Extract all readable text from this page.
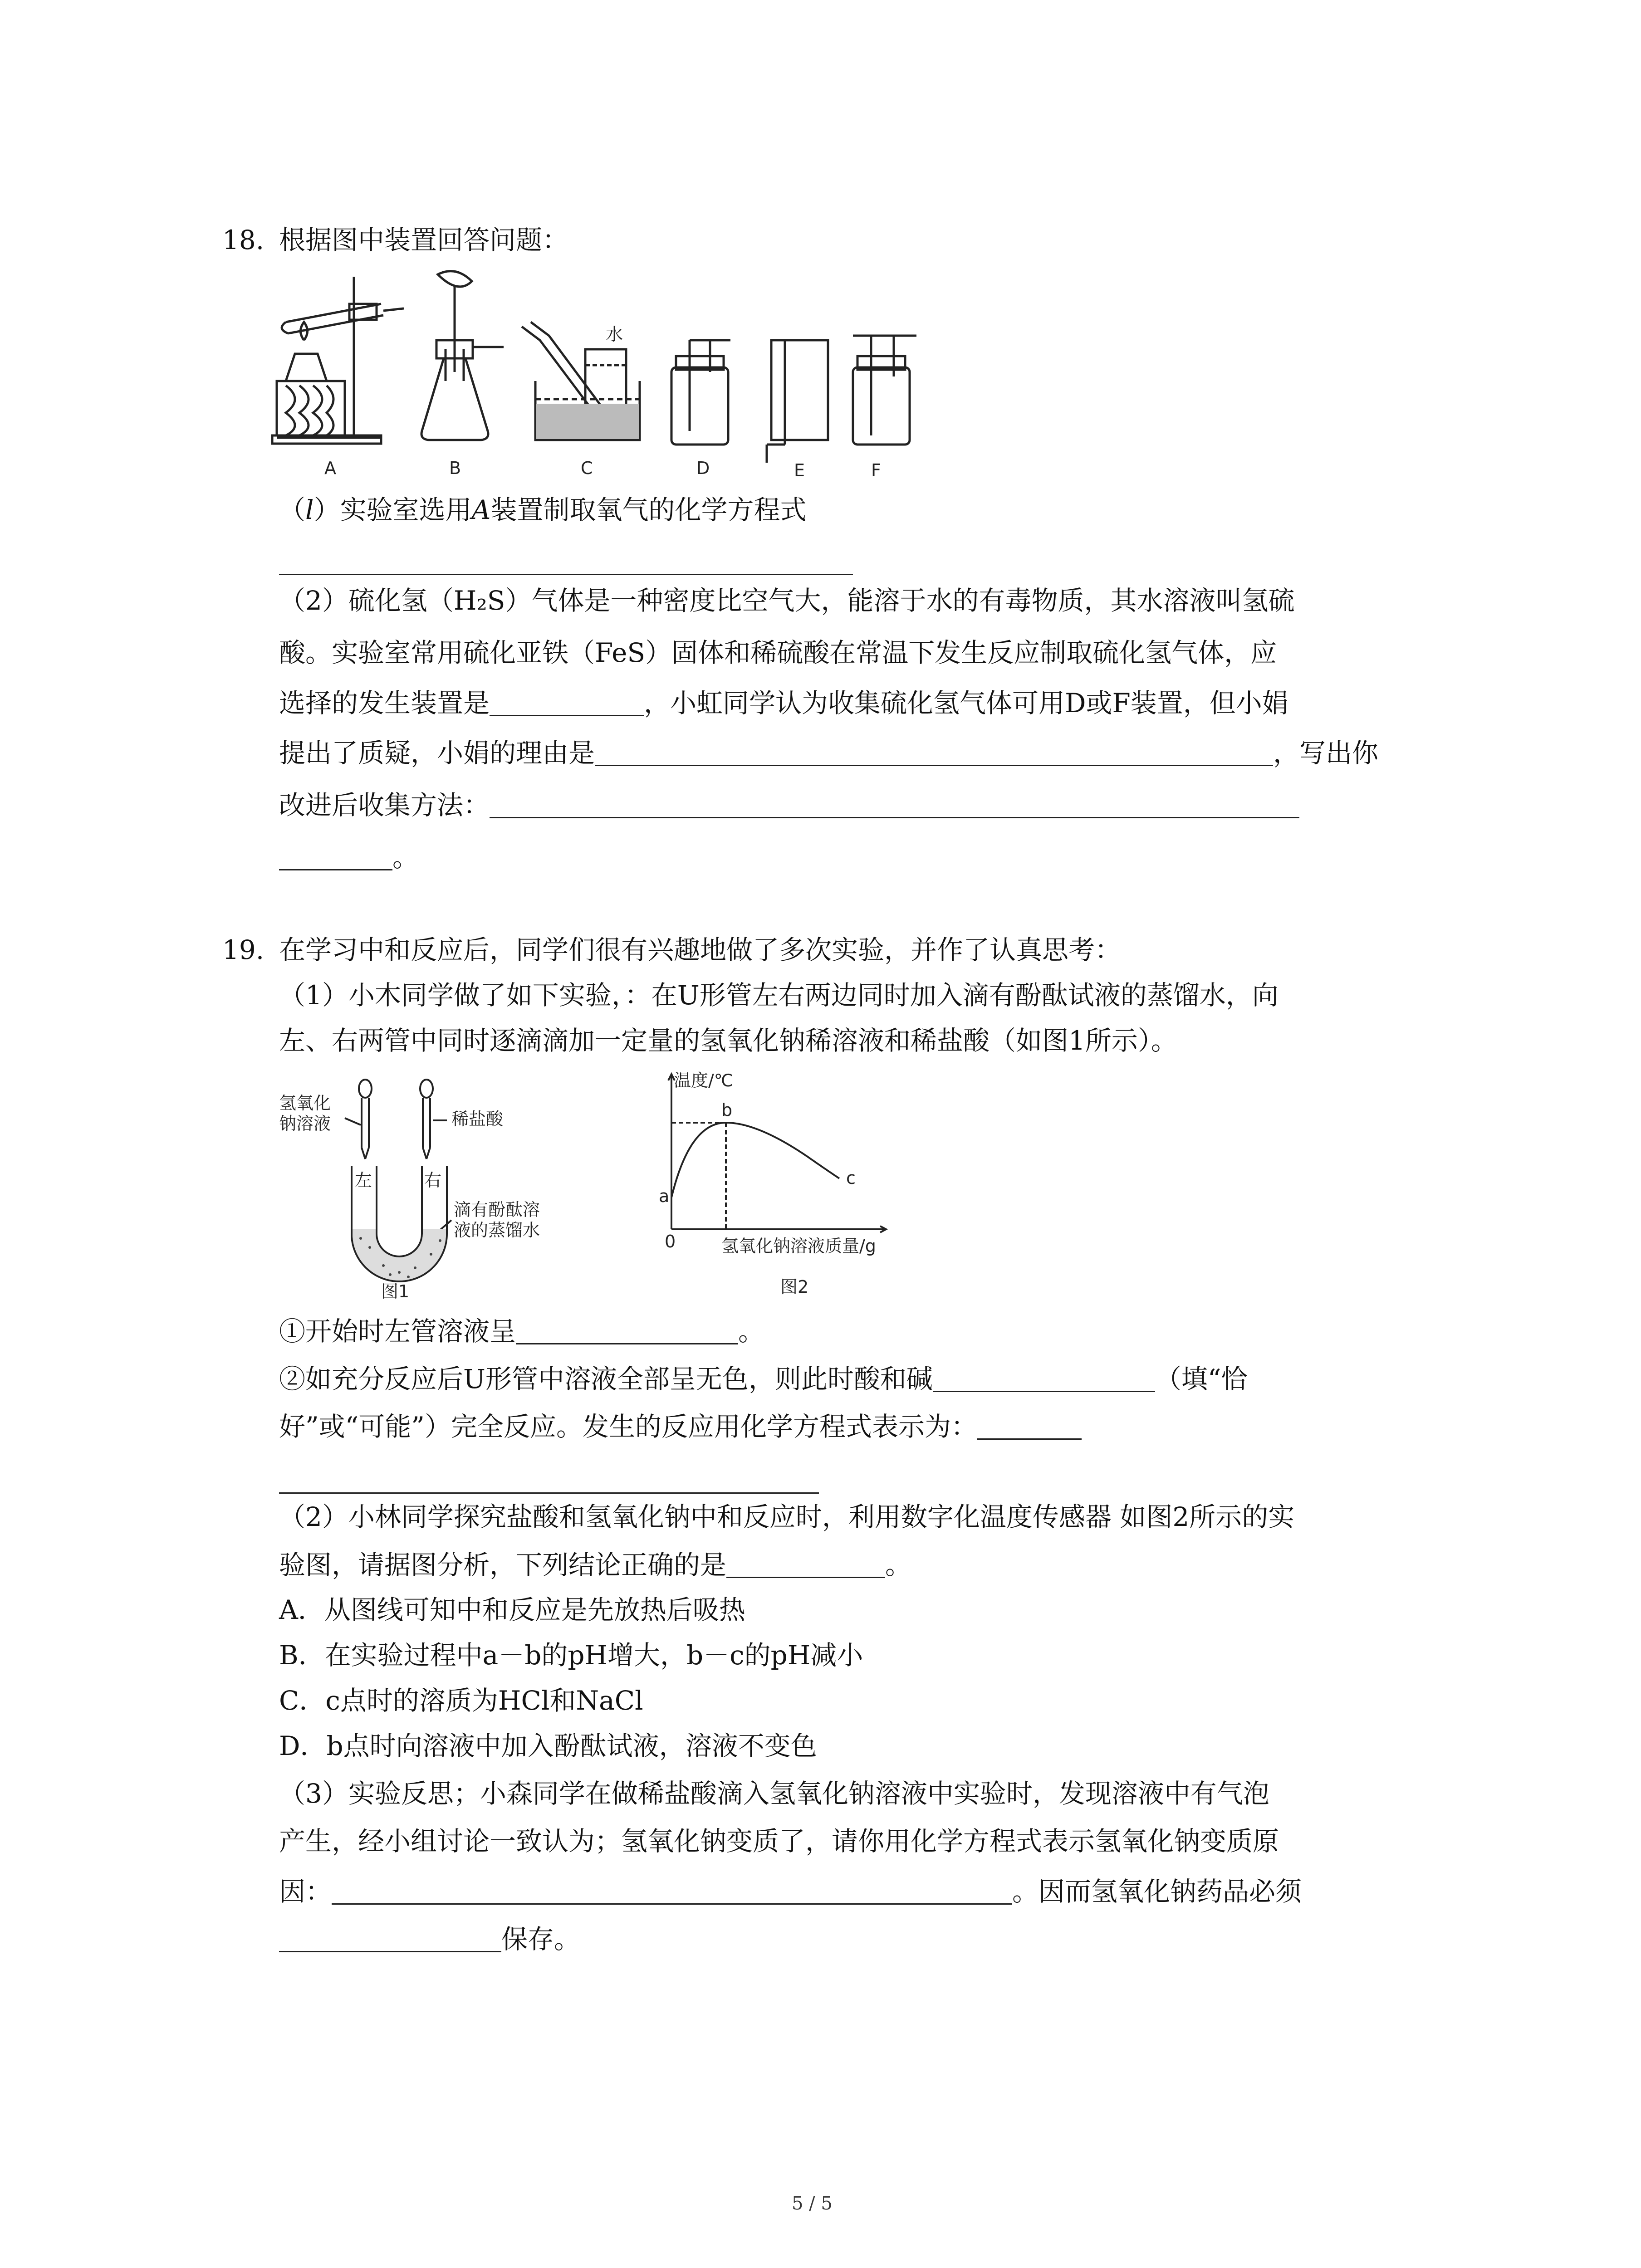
18. 根据图中装置回答问题：
水
A	B	C	D	E	F
（l）实验室选用A装置制取氧气的化学方程式
（2）硫化氢（H₂S）气体是一种密度比空气大，能溶于水的有毒物质，其水溶液叫氢硫
酸。实验室常用硫化亚铁（FeS）固体和稀硫酸在常温下发生反应制取硫化氢气体，应
选择的发生装置是	，小虹同学认为收集硫化氢气体可用D或F装置，但小娟
提出了质疑，小娟的理由是	，写出你
改进后收集方法：
。
19. 在学习中和反应后，同学们很有兴趣地做了多次实验，并作了认真思考：
（1）小木同学做了如下实验，：在U形管左右两边同时加入滴有酚酞试液的蒸馏水，向
左、右两管中同时逐滴滴加一定量的氢氧化钠稀溶液和稀盐酸（如图1所示）。
氢氧化
钠溶液	稀盐酸
左	右
滴有酚酞溶
液的蒸馏水
图1
温度/℃
氢氧化钠溶液质量/g
0
a
b
c
图2
①开始时左管溶液呈	。
②如充分反应后U形管中溶液全部呈无色，则此时酸和碱	（填“恰
好”或“可能”）完全反应。发生的反应用化学方程式表示为：
（2）小林同学探究盐酸和氢氧化钠中和反应时，利用数字化温度传感器 如图2所示的实
验图，请据图分析，下列结论正确的是	。
A．从图线可知中和反应是先放热后吸热
B．在实验过程中a－b的pH增大，b－c的pH减小
C．c点时的溶质为HCl和NaCl
D．b点时向溶液中加入酚酞试液，溶液不变色
（3）实验反思；小森同学在做稀盐酸滴入氢氧化钠溶液中实验时，发现溶液中有气泡
产生，经小组讨论一致认为；氢氧化钠变质了，请你用化学方程式表示氢氧化钠变质原
因：	。因而氢氧化钠药品必须
保存。
5 / 5
